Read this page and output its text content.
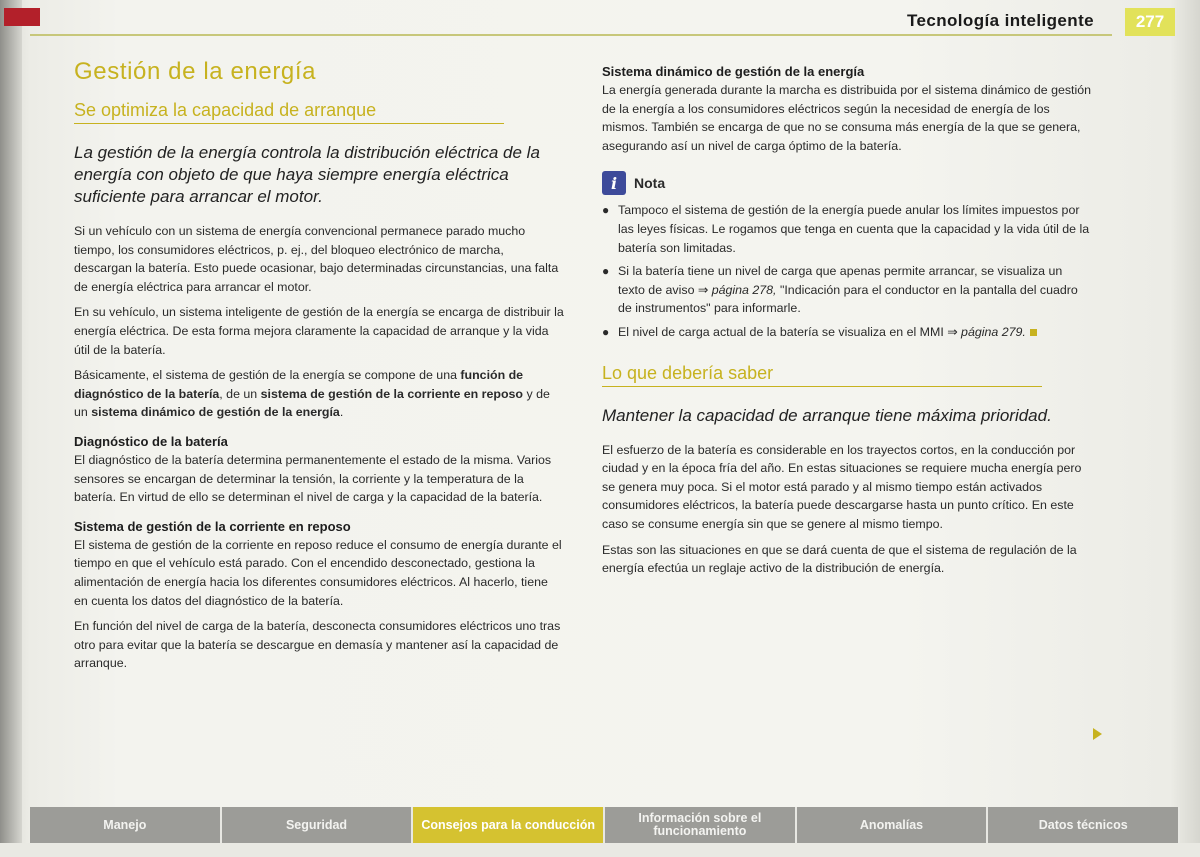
Tecnología inteligente	277
Gestión de la energía
Se optimiza la capacidad de arranque
La gestión de la energía controla la distribución eléctrica de la energía con objeto de que haya siempre energía eléctrica suficiente para arrancar el motor.

Si un vehículo con un sistema de energía convencional permanece parado mucho tiempo, los consumidores eléctricos, p. ej., del bloqueo electrónico de marcha, descargan la batería. Esto puede ocasionar, bajo determinadas circunstancias, una falta de energía eléctrica para arrancar el motor.

En su vehículo, un sistema inteligente de gestión de la energía se encarga de distribuir la energía eléctrica. De esta forma mejora claramente la capacidad de arranque y la vida útil de la batería.

Básicamente, el sistema de gestión de la energía se compone de una función de diagnóstico de la batería, de un sistema de gestión de la corriente en reposo y de un sistema dinámico de gestión de la energía.

Diagnóstico de la batería

El diagnóstico de la batería determina permanentemente el estado de la misma. Varios sensores se encargan de determinar la tensión, la corriente y la temperatura de la batería. En virtud de ello se determinan el nivel de carga y la capacidad de la batería.

Sistema de gestión de la corriente en reposo

El sistema de gestión de la corriente en reposo reduce el consumo de energía durante el tiempo en que el vehículo está parado. Con el encendido desconectado, gestiona la alimentación de energía hacia los diferentes consumidores eléctricos. Al hacerlo, tiene en cuenta los datos del diagnóstico de la batería.

En función del nivel de carga de la batería, desconecta consumidores eléctricos uno tras otro para evitar que la batería se descargue en demasía y mantener así la capacidad de arranque.

Sistema dinámico de gestión de la energía

La energía generada durante la marcha es distribuida por el sistema dinámico de gestión de la energía a los consumidores eléctricos según la necesidad de energía de los mismos. También se encarga de que no se consuma más energía de la que se genera, asegurando así un nivel de carga óptimo de la batería.

i	Nota
● Tampoco el sistema de gestión de la energía puede anular los límites impuestos por las leyes físicas. Le rogamos que tenga en cuenta que la capacidad y la vida útil de la batería son limitadas.

● Si la batería tiene un nivel de carga que apenas permite arrancar, se visualiza un texto de aviso ⇒ página 278, "Indicación para el conductor en la pantalla del cuadro de instrumentos" para informarle.

● El nivel de carga actual de la batería se visualiza en el MMI ⇒ página 279.

Lo que debería saber
Mantener la capacidad de arranque tiene máxima prioridad.

El esfuerzo de la batería es considerable en los trayectos cortos, en la conducción por ciudad y en la época fría del año. En estas situaciones se requiere mucha energía pero se genera muy poca. Si el motor está parado y al mismo tiempo están activados consumidores eléctricos, la batería puede descargarse hasta un punto crítico. En este caso se consume energía sin que se genere al mismo tiempo.

Estas son las situaciones en que se dará cuenta de que el sistema de regulación de la energía efectúa un reglaje activo de la distribución de energía.

Manejo	Seguridad	Consejos para la conducción	Información sobre el funcionamiento	Anomalías	Datos técnicos
